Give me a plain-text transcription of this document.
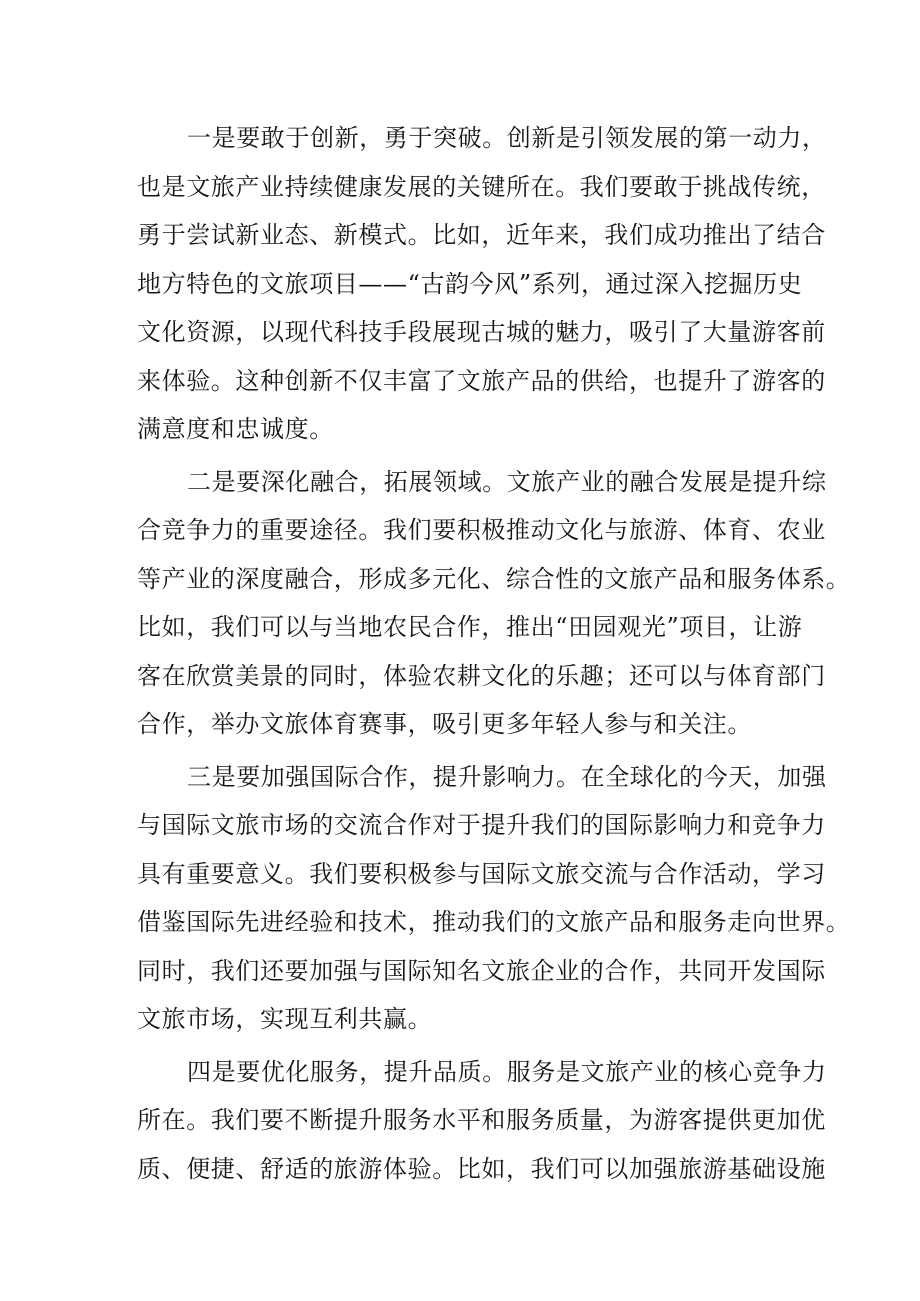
一是要敢于创新，勇于突破。创新是引领发展的第一动力，
也是文旅产业持续健康发展的关键所在。我们要敢于挑战传统，
勇于尝试新业态、新模式。比如，近年来，我们成功推出了结合
地方特色的文旅项目——“古韵今风”系列，通过深入挖掘历史
文化资源，以现代科技手段展现古城的魅力，吸引了大量游客前
来体验。这种创新不仅丰富了文旅产品的供给，也提升了游客的
满意度和忠诚度。

二是要深化融合，拓展领域。文旅产业的融合发展是提升综
合竞争力的重要途径。我们要积极推动文化与旅游、体育、农业
等产业的深度融合，形成多元化、综合性的文旅产品和服务体系。
比如，我们可以与当地农民合作，推出“田园观光”项目，让游
客在欣赏美景的同时，体验农耕文化的乐趣；还可以与体育部门
合作，举办文旅体育赛事，吸引更多年轻人参与和关注。

三是要加强国际合作，提升影响力。在全球化的今天，加强
与国际文旅市场的交流合作对于提升我们的国际影响力和竞争力
具有重要意义。我们要积极参与国际文旅交流与合作活动，学习
借鉴国际先进经验和技术，推动我们的文旅产品和服务走向世界。
同时，我们还要加强与国际知名文旅企业的合作，共同开发国际
文旅市场，实现互利共赢。

四是要优化服务，提升品质。服务是文旅产业的核心竞争力
所在。我们要不断提升服务水平和服务质量，为游客提供更加优
质、便捷、舒适的旅游体验。比如，我们可以加强旅游基础设施
